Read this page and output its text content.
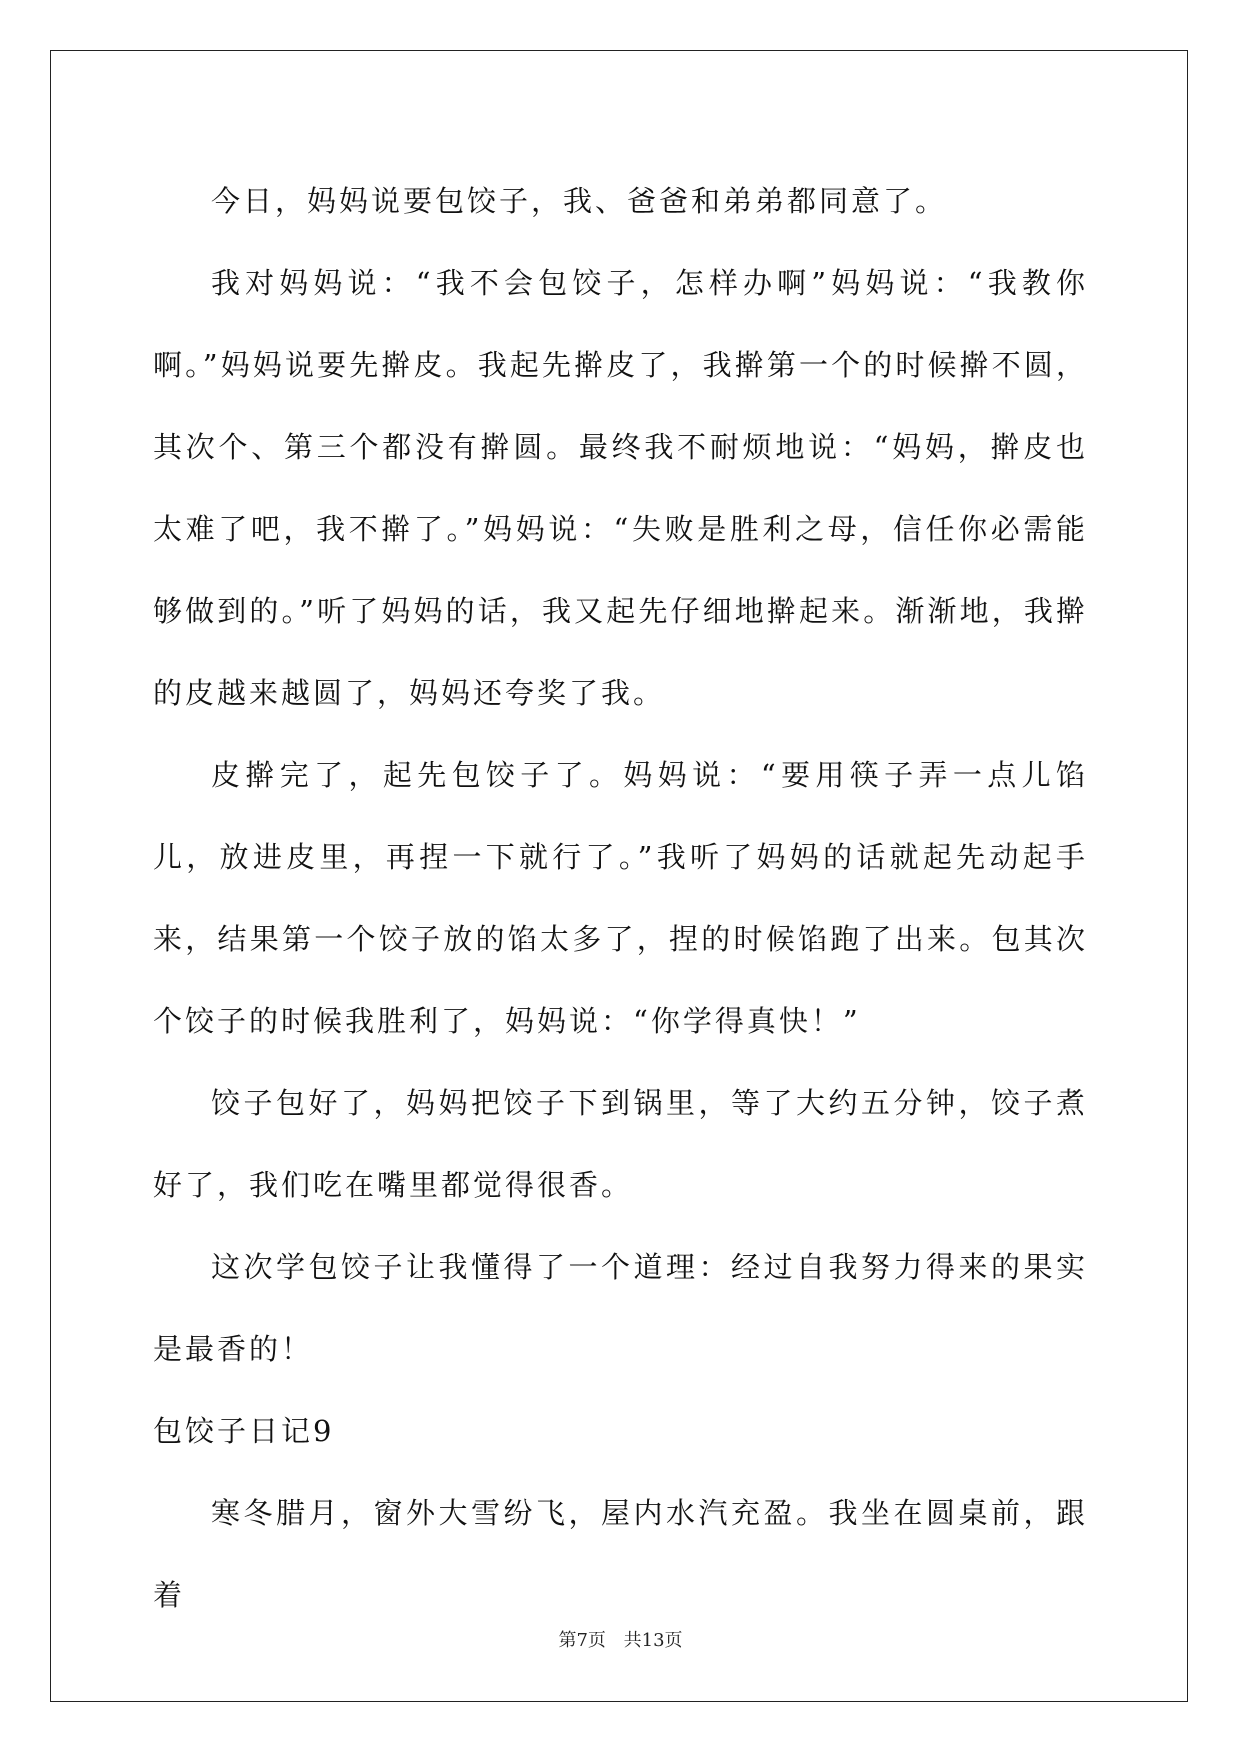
今日，妈妈说要包饺子，我、爸爸和弟弟都同意了。

我对妈妈说：“我不会包饺子，怎样办啊”妈妈说：“我教你啊。”妈妈说要先擀皮。我起先擀皮了，我擀第一个的时候擀不圆，其次个、第三个都没有擀圆。最终我不耐烦地说：“妈妈，擀皮也太难了吧，我不擀了。”妈妈说：“失败是胜利之母，信任你必需能够做到的。”听了妈妈的话，我又起先仔细地擀起来。渐渐地，我擀的皮越来越圆了，妈妈还夸奖了我。

皮擀完了，起先包饺子了。妈妈说：“要用筷子弄一点儿馅儿，放进皮里，再捏一下就行了。”我听了妈妈的话就起先动起手来，结果第一个饺子放的馅太多了，捏的时候馅跑了出来。包其次个饺子的时候我胜利了，妈妈说：“你学得真快！”

饺子包好了，妈妈把饺子下到锅里，等了大约五分钟，饺子煮好了，我们吃在嘴里都觉得很香。

这次学包饺子让我懂得了一个道理：经过自我努力得来的果实是最香的！

包饺子日记9

寒冬腊月，窗外大雪纷飞，屋内水汽充盈。我坐在圆桌前，跟着

第7页 共13页
